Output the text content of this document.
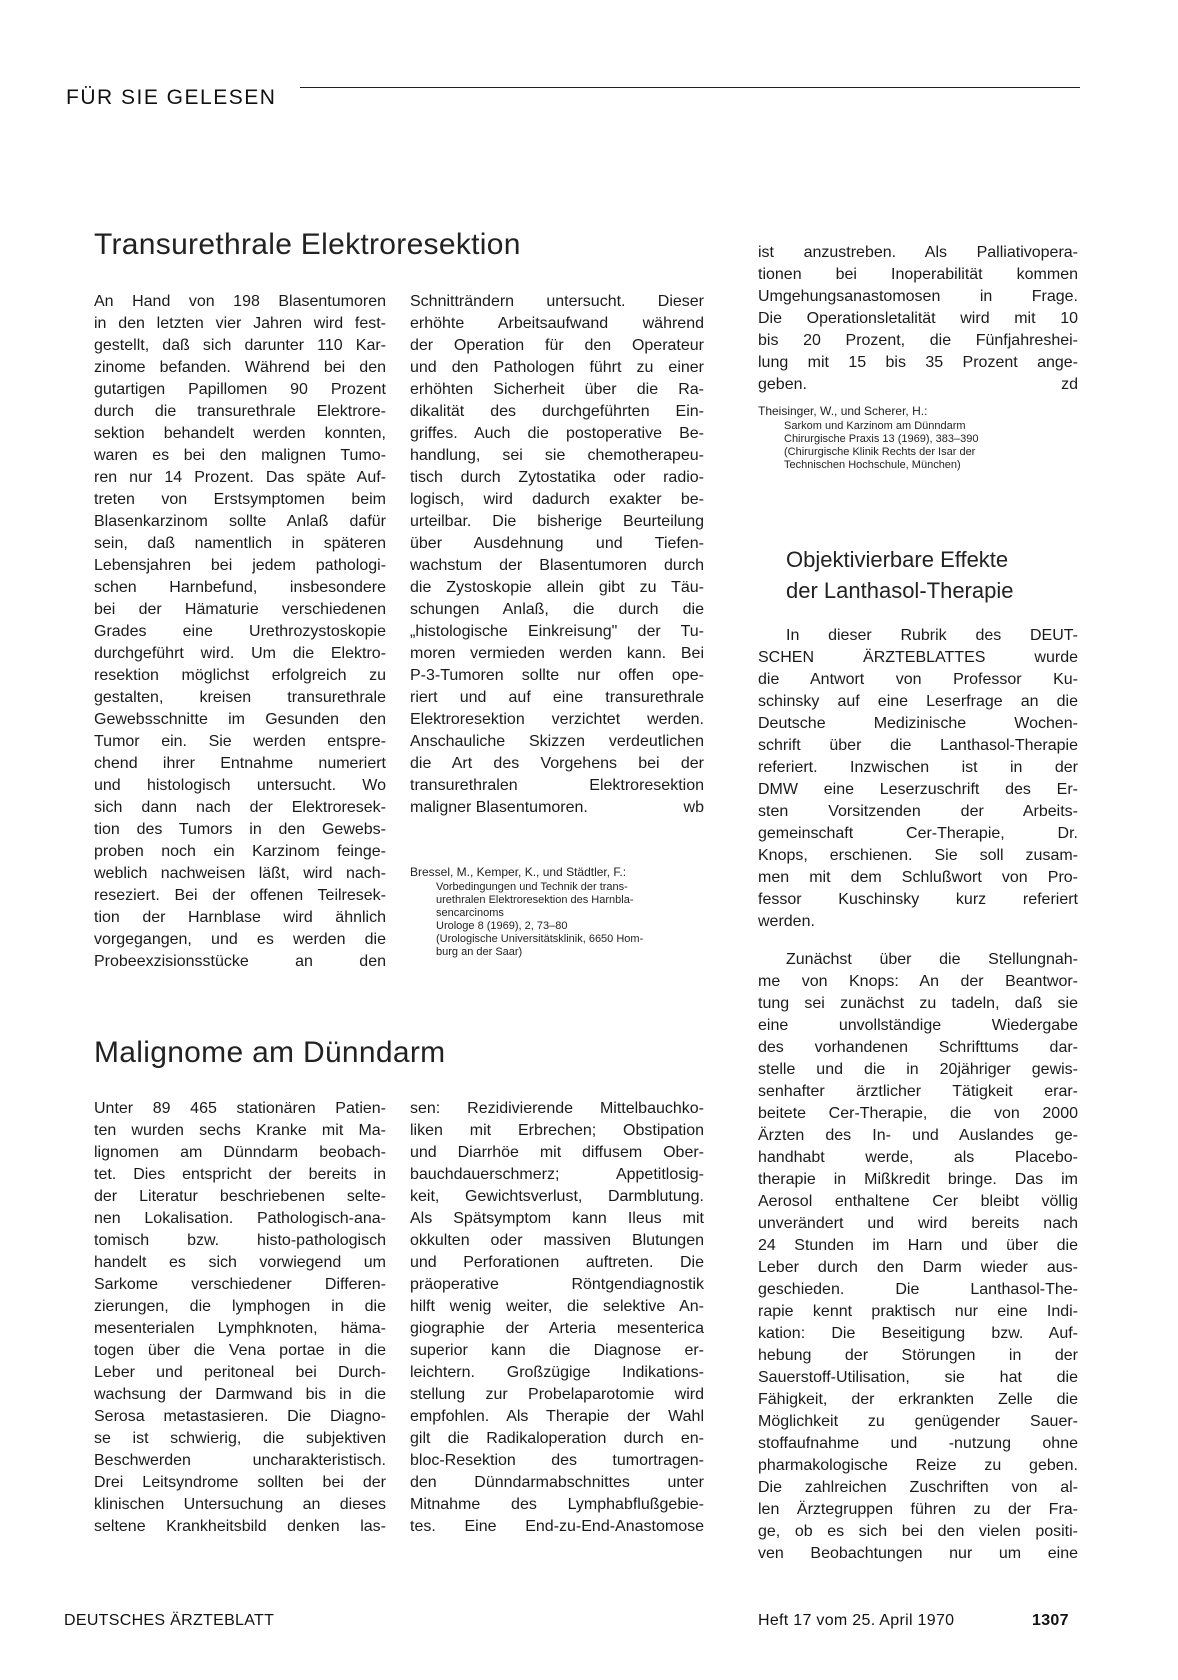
FÜR SIE GELESEN
Transurethrale Elektroresektion

An Hand von 198 Blasentumoren

in den letzten vier Jahren wird fest-

gestellt, daß sich darunter 110 Kar-

zinome befanden. Während bei den

gutartigen Papillomen 90 Prozent

durch die transurethrale Elektrore-

sektion behandelt werden konnten,

waren es bei den malignen Tumo-

ren nur 14 Prozent. Das späte Auf-

treten von Erstsymptomen beim

Blasenkarzinom sollte Anlaß dafür

sein, daß namentlich in späteren

Lebensjahren bei jedem pathologi-

schen Harnbefund, insbesondere

bei der Hämaturie verschiedenen

Grades eine Urethrozystoskopie

durchgeführt wird. Um die Elektro-

resektion möglichst erfolgreich zu

gestalten, kreisen transurethrale

Gewebsschnitte im Gesunden den

Tumor ein. Sie werden entsprе-

chend ihrer Entnahme numeriert

und histologisch untersucht. Wo

sich dann nach der Elektroresek-

tion des Tumors in den Gewebs-

proben noch ein Karzinom feinge-

weblich nachweisen läßt, wird nach-

reseziert. Bei der offenen Teilresek-

tion der Harnblase wird ähnlich

vorgegangen, und es werden die

Probeexzisionsstücke an den

Schnitträndern untersucht. Dieser

erhöhte Arbeitsaufwand während

der Operation für den Operateur

und den Pathologen führt zu einer

erhöhten Sicherheit über die Ra-

dikalität des durchgeführten Ein-

griffes. Auch die postoperative Be-

handlung, sei sie chemotherapeu-

tisch durch Zytostatika oder radio-

logisch, wird dadurch exakter be-

urteilbar. Die bisherige Beurteilung

über Ausdehnung und Tiefen-

wachstum der Blasentumoren durch

die Zystoskopie allein gibt zu Täu-

schungen Anlaß, die durch die

„histologische Einkreisung" der Tu-

moren vermieden werden kann. Bei

P-3-Tumoren sollte nur offen ope-

riert und auf eine transurethrale

Elektroresektion verzichtet werden.

Anschauliche Skizzen verdeutlichen

die Art des Vorgehens bei der

transurethralen Elektroresektion

maligner Blasentumoren.	wb

Bressel, M., Kemper, K., und Städtler, F.:
Vorbedingungen und Technik der trans-
urethralen Elektroresektion des Harnbla-
sencarcinoms
Urologe 8 (1969), 2, 73–80
(Urologische Universitätsklinik, 6650 Hom-
burg an der Saar)
Malignome am Dünndarm

Unter 89 465 stationären Patien-

ten wurden sechs Kranke mit Ma-

lignomen am Dünndarm beobach-

tet. Dies entspricht der bereits in

der Literatur beschriebenen selte-

nen Lokalisation. Pathologisch-ana-

tomisch bzw. histo-pathologisch

handelt es sich vorwiegend um

Sarkome verschiedener Differen-

zierungen, die lymphogen in die

mesenterialen Lymphknoten, häma-

togen über die Vena portae in die

Leber und peritoneal bei Durch-

wachsung der Darmwand bis in die

Serosa metastasieren. Die Diagno-

se ist schwierig, die subjektiven

Beschwerden uncharakteristisch.

Drei Leitsyndrome sollten bei der

klinischen Untersuchung an dieses

seltene Krankheitsbild denken las-

sen: Rezidivierende Mittelbauchko-

liken mit Erbrechen; Obstipation

und Diarrhöe mit diffusem Ober-

bauchdauerschmerz; Appetitlosig-

keit, Gewichtsverlust, Darmblutung.

Als Spätsymptom kann Ileus mit

okkulten oder massiven Blutungen

und Perforationen auftreten. Die

präoperative Röntgendiagnostik

hilft wenig weiter, die selektive An-

giographie der Arteria mesenterica

superior kann die Diagnose er-

leichtern. Großzügige Indikations-

stellung zur Probelaparotomie wird

empfohlen. Als Therapie der Wahl

gilt die Radikaloperation durch en-

bloc-Resektion des tumortragen-

den Dünndarmabschnittes unter

Mitnahme des Lymphabflußgebie-

tes. Eine End-zu-End-Anastomose

ist anzustreben. Als Palliativopera-

tionen bei Inoperabilität kommen

Umgehungsanastomosen in Frage.

Die Operationsletalität wird mit 10

bis 20 Prozent, die Fünfjahreshei-

lung mit 15 bis 35 Prozent ange-

geben.	zd

Theisinger, W., und Scherer, H.:
Sarkom und Karzinom am Dünndarm
Chirurgische Praxis 13 (1969), 383–390
(Chirurgische Klinik Rechts der Isar der
Technischen Hochschule, München)
Objektivierbare Effekte
der Lanthasol-Therapie

In dieser Rubrik des DEUT-

SCHEN ÄRZTEBLATTES wurde

die Antwort von Professor Ku-

schinsky auf eine Leserfrage an die

Deutsche Medizinische Wochen-

schrift über die Lanthasol-Therapie

referiert. Inzwischen ist in der

DMW eine Leserzuschrift des Er-

sten Vorsitzenden der Arbeits-

gemeinschaft Cer-Therapie, Dr.

Knops, erschienen. Sie soll zusam-

men mit dem Schlußwort von Pro-

fessor Kuschinsky kurz referiert

werden.

Zunächst über die Stellungnah-

me von Knops: An der Beantwor-

tung sei zunächst zu tadeln, daß sie

eine unvollständige Wiedergabe

des vorhandenen Schrifttums dar-

stelle und die in 20jähriger gewis-

senhafter ärztlicher Tätigkeit erar-

beitete Cer-Therapie, die von 2000

Ärzten des In- und Auslandes ge-

handhabt werde, als Placebo-

therapie in Mißkredit bringe. Das im

Aerosol enthaltene Cer bleibt völlig

unverändert und wird bereits nach

24 Stunden im Harn und über die

Leber durch den Darm wieder aus-

geschieden. Die Lanthasol-The-

rapie kennt praktisch nur eine Indi-

kation: Die Beseitigung bzw. Auf-

hebung der Störungen in der

Sauerstoff-Utilisation, sie hat die

Fähigkeit, der erkrankten Zelle die

Möglichkeit zu genügender Sauer-

stoffaufnahme und -nutzung ohne

pharmakologische Reize zu geben.

Die zahlreichen Zuschriften von al-

len Ärztegruppen führen zu der Fra-

ge, ob es sich bei den vielen positi-

ven Beobachtungen nur um eine

DEUTSCHES ÄRZTEBLATT	Heft 17 vom 25. April 1970	1307
